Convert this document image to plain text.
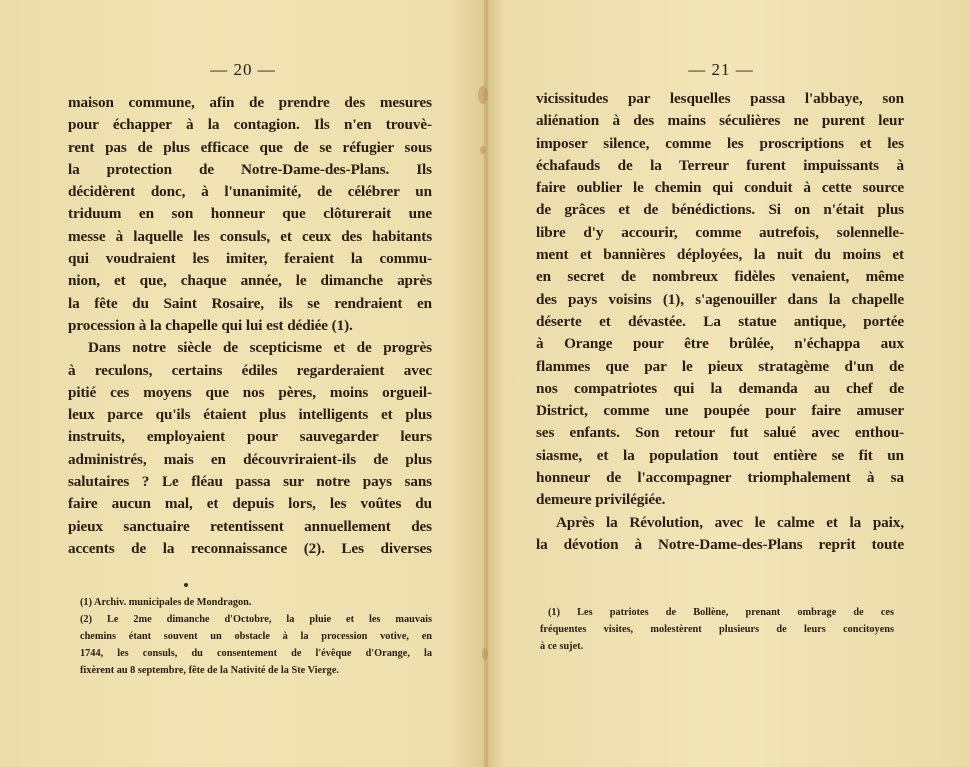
— 20 —
maison commune, afin de prendre des mesures
pour échapper à la contagion. Ils n'en trouvè-
rent pas de plus efficace que de se réfugier sous
la protection de Notre-Dame-des-Plans. Ils
décidèrent donc, à l'unanimité, de célébrer un
triduum en son honneur que clôturerait une
messe à laquelle les consuls, et ceux des habitants
qui voudraient les imiter, feraient la commu-
nion, et que, chaque année, le dimanche après
la fête du Saint Rosaire, ils se rendraient en
procession à la chapelle qui lui est dédiée (1).
Dans notre siècle de scepticisme et de progrès
à reculons, certains édiles regarderaient avec
pitié ces moyens que nos pères, moins orgueil-
leux parce qu'ils étaient plus intelligents et plus
instruits, employaient pour sauvegarder leurs
administrés, mais en découvriraient-ils de plus
salutaires ? Le fléau passa sur notre pays sans
faire aucun mal, et depuis lors, les voûtes du
pieux sanctuaire retentissent annuellement des
accents de la reconnaissance (2). Les diverses
(1) Archiv. municipales de Mondragon.
(2) Le 2me dimanche d'Octobre, la pluie et les mauvais
chemins étant souvent un obstacle à la procession votive, en
1744, les consuls, du consentement de l'évêque d'Orange, la
fixèrent au 8 septembre, fête de la Nativité de la Ste Vierge.
— 21 —
vicissitudes par lesquelles passa l'abbaye, son
aliénation à des mains séculières ne purent leur
imposer silence, comme les proscriptions et les
échafauds de la Terreur furent impuissants à
faire oublier le chemin qui conduit à cette source
de grâces et de bénédictions. Si on n'était plus
libre d'y accourir, comme autrefois, solennelle-
ment et bannières déployées, la nuit du moins et
en secret de nombreux fidèles venaient, même
des pays voisins (1), s'agenouiller dans la chapelle
déserte et dévastée. La statue antique, portée
à Orange pour être brûlée, n'échappa aux
flammes que par le pieux stratagème d'un de
nos compatriotes qui la demanda au chef de
District, comme une poupée pour faire amuser
ses enfants. Son retour fut salué avec enthou-
siasme, et la population tout entière se fit un
honneur de l'accompagner triomphalement à sa
demeure privilégiée.
Après la Révolution, avec le calme et la paix,
la dévotion à Notre-Dame-des-Plans reprit toute
(1) Les patriotes de Bollène, prenant ombrage de ces
fréquentes visites, molestèrent plusieurs de leurs concitoyens
à ce sujet.
